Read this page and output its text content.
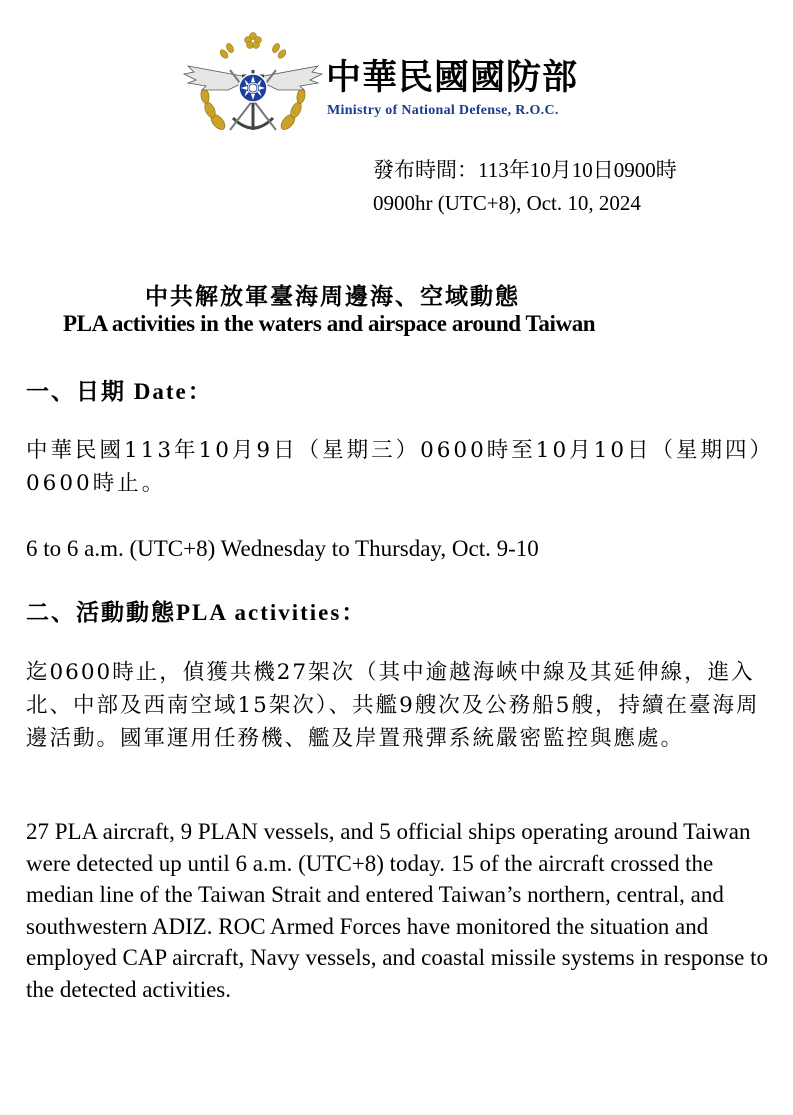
中華民國國防部
Ministry of National Defense, R.O.C.
發布時間：113年10月10日0900時
0900hr (UTC+8), Oct. 10, 2024
中共解放軍臺海周邊海、空域動態
PLA activities in the waters and airspace around Taiwan
一、日期 Date：
中華民國113年10月9日（星期三）0600時至10月10日（星期四）0600時止。
6 to 6 a.m. (UTC+8) Wednesday to Thursday, Oct. 9-10
二、活動動態PLA activities：
迄0600時止，偵獲共機27架次（其中逾越海峽中線及其延伸線，進入北、中部及西南空域15架次）、共艦9艘次及公務船5艘，持續在臺海周邊活動。國軍運用任務機、艦及岸置飛彈系統嚴密監控與應處。
27 PLA aircraft, 9 PLAN vessels, and 5 official ships operating around Taiwan were detected up until 6 a.m. (UTC+8) today. 15 of the aircraft crossed the median line of the Taiwan Strait and entered Taiwan’s northern, central, and southwestern ADIZ. ROC Armed Forces have monitored the situation and employed CAP aircraft, Navy vessels, and coastal missile systems in response to the detected activities.
